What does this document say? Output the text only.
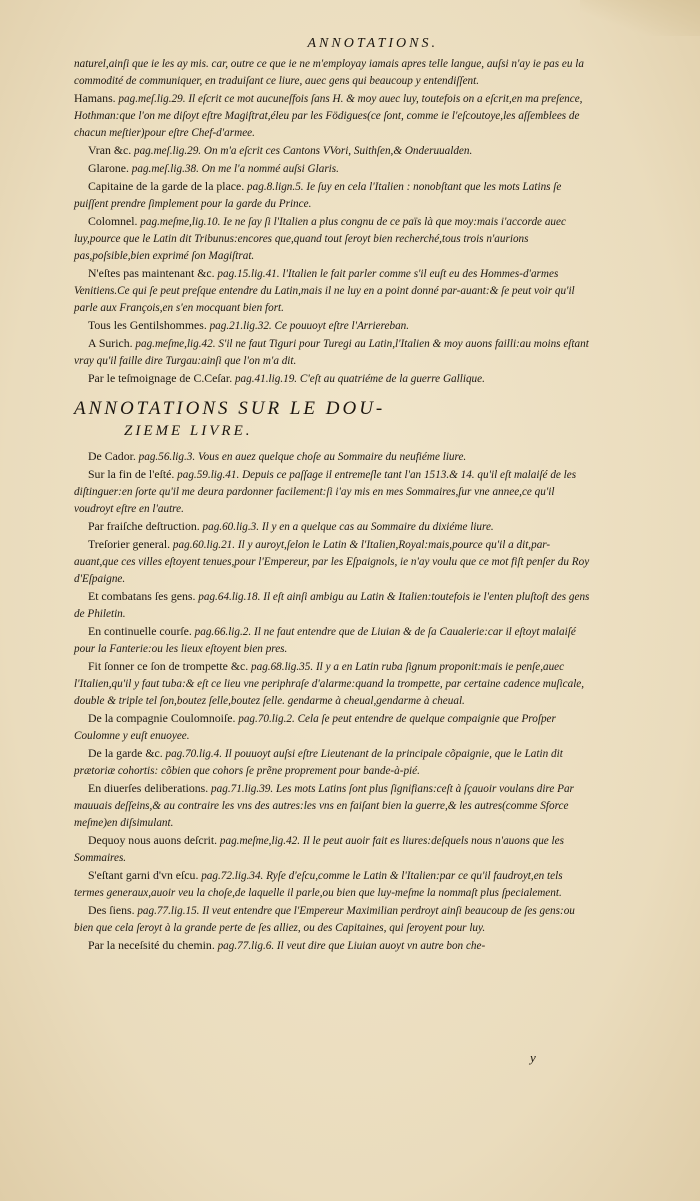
ANNOTATIONS.

naturel,ainſi que ie les ay mis. car, outre ce que ie ne m'employay iamais apres telle langue, auſsi n'ay ie pas eu la commodité de communiquer, en traduiſant ce liure, auec gens qui beaucoup y entendiſſent.

Hamans. pag.meſ.lig.29. Il eſcrit ce mot aucuneſfois ſans H. & moy auec luy, toutefois on a eſcrit,en ma preſence, Hothman:que l'on me diſoyt eſtre Magiſtrat,éleu par les Födigues(ce ſont, comme ie l'eſcoutoye,les aſſemblees de chacun meſtier)pour eſtre Chef-d'armee.

Vran &c. pag.meſ.lig.29. On m'a eſcrit ces Cantons VVori, Suithſen,& Onderuualden.

Glarone. pag.meſ.lig.38. On me l'a nommé auſsi Glaris.

Capitaine de la garde de la place. pag.8.lign.5. Ie ſuy en cela l'Italien : nonobſtant que les mots Latins ſe puiſſent prendre ſimplement pour la garde du Prince.

Colomnel. pag.meſme,lig.10. Ie ne ſay ſi l'Italien a plus congnu de ce païs là que moy:mais i'accorde auec luy,pource que le Latin dit Tribunus:encores que,quand tout ſeroyt bien recherché,tous trois n'aurions pas,poſsible,bien exprimé ſon Magiſtrat.

N'eſtes pas maintenant &c. pag.15.lig.41. l'Italien le fait parler comme s'il euſt eu des Hommes-d'armes Venitiens.Ce qui ſe peut preſque entendre du Latin,mais il ne luy en a point donné par-auant:& ſe peut voir qu'il parle aux François,en s'en mocquant bien fort.

Tous les Gentilshommes. pag.21.lig.32. Ce pouuoyt eſtre l'Arriereban.

A Surich. pag.meſme,lig.42. S'il ne faut Tiguri pour Turegi au Latin,l'Italien & moy auons failli:au moins eſtant vray qu'il faille dire Turgau:ainſi que l'on m'a dit.

Par le teſmoignage de C.Ceſar. pag.41.lig.19. C'eſt au quatriéme de la guerre Gallique.

ANNOTATIONS SUR LE DOU-
ZIEME LIVRE.

De Cador. pag.56.lig.3. Vous en auez quelque choſe au Sommaire du neufiéme liure.

Sur la fin de l'eſté. pag.59.lig.41. Depuis ce paſſage il entremeſle tant l'an 1513.& 14. qu'il eſt malaiſé de les diſtinguer:en ſorte qu'il me deura pardonner facilement:ſi i'ay mis en mes Sommaires,ſur vne annee,ce qu'il voudroyt eſtre en l'autre.

Par fraiſche deſtruction. pag.60.lig.3. Il y en a quelque cas au Sommaire du dixiéme liure.

Treſorier general. pag.60.lig.21. Il y auroyt,ſelon le Latin & l'Italien,Royal:mais,pource qu'il a dit,par-auant,que ces villes eſtoyent tenues,pour l'Empereur, par les Eſpaignols, ie n'ay voulu que ce mot fiſt penſer du Roy d'Eſpaigne.

Et combatans ſes gens. pag.64.lig.18. Il eſt ainſi ambigu au Latin & Italien:toutefois ie l'enten pluſtoſt des gens de Philetin.

En continuelle courſe. pag.66.lig.2. Il ne faut entendre que de Liuian & de ſa Caualerie:car il eſtoyt malaiſé pour la Fanterie:ou les lieux eſtoyent bien pres.

Fit ſonner ce ſon de trompette &c. pag.68.lig.35. Il y a en Latin ruba ſignum proponit:mais ie penſe,auec l'Italien,qu'il y faut tuba:& eſt ce lieu vne periphraſe d'alarme:quand la trompette, par certaine cadence muſicale, double & triple tel ſon,boutez ſelle,boutez ſelle. gendarme à cheual,gendarme à cheual.

De la compagnie Coulomnoiſe. pag.70.lig.2. Cela ſe peut entendre de quelque compaignie que Proſper Coulomne y euſt enuoyee.

De la garde &c. pag.70.lig.4. Il pouuoyt auſsi eſtre Lieutenant de la principale cõpaignie, que le Latin dit prætoriæ cohortis: cõbien que cohors ſe prẽne proprement pour bande-à-pié.

En diuerſes deliberations. pag.71.lig.39. Les mots Latins ſont plus ſignifians:ceſt à ſçauoir voulans dire Par mauuais deſſeins,& au contraire les vns des autres:les vns en faiſant bien la guerre,& les autres(comme Sforce meſme)en diſsimulant.

Dequoy nous auons deſcrit. pag.meſme,lig.42. Il le peut auoir fait es liures:deſquels nous n'auons que les Sommaires.

S'eſtant garni d'vn eſcu. pag.72.lig.34. Ryſe d'eſcu,comme le Latin & l'Italien:par ce qu'il faudroyt,en tels termes generaux,auoir veu la choſe,de laquelle il parle,ou bien que luy-meſme la nommaſt plus ſpecialement.

Des ſiens. pag.77.lig.15. Il veut entendre que l'Empereur Maximilian perdroyt ainſi beaucoup de ſes gens:ou bien que cela ſeroyt à la grande perte de ſes alliez, ou des Capitaines, qui ſeroyent pour luy.

Par la neceſsité du chemin. pag.77.lig.6. Il veut dire que Liuian auoyt vn autre bon che-

y
